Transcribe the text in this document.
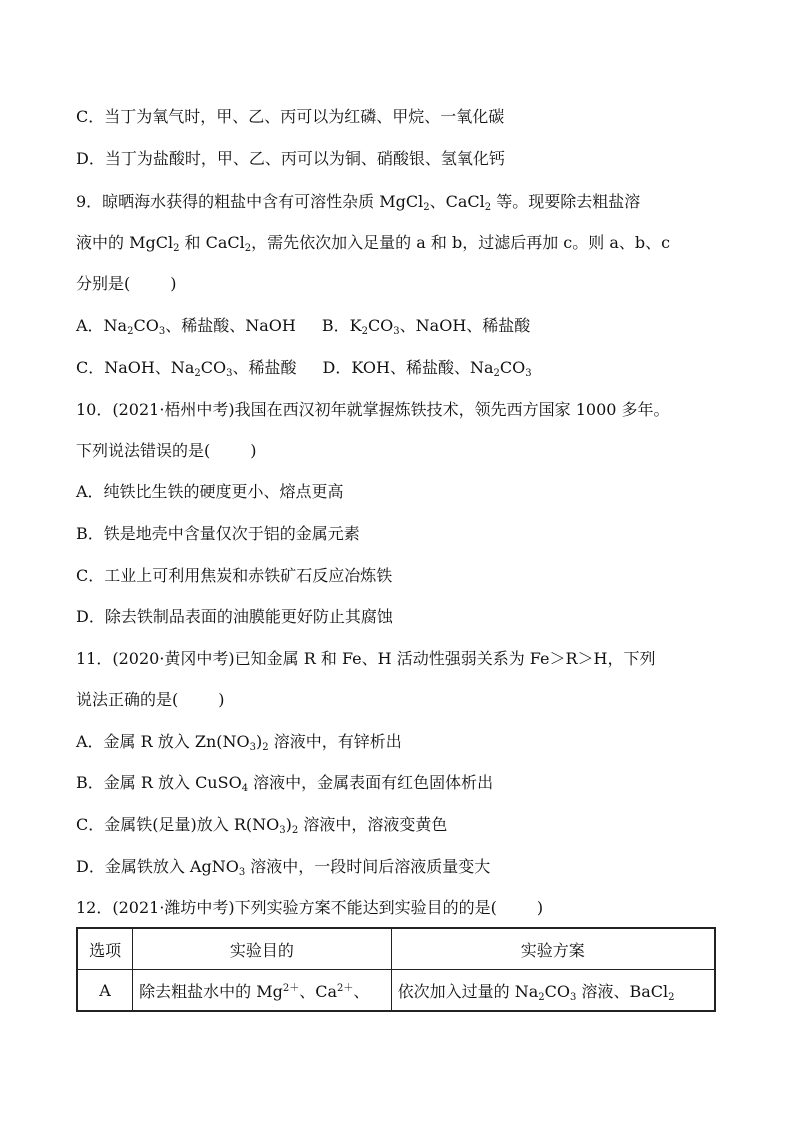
C．当丁为氧气时，甲、乙、丙可以为红磷、甲烷、一氧化碳
D．当丁为盐酸时，甲、乙、丙可以为铜、硝酸银、氢氧化钙
9．晾晒海水获得的粗盐中含有可溶性杂质 MgCl$_2$、CaCl$_2$ 等。现要除去粗盐溶
液中的 MgCl$_2$ 和 CaCl$_2$，需先依次加入足量的 a 和 b，过滤后再加 c。则 a、b、c
分别是(	)
A．$Na_2CO_3$、稀盐酸、NaOH B．$K_2CO_3$、NaOH、稀盐酸
C．NaOH、$Na_2CO_3$、稀盐酸 D．KOH、稀盐酸、$Na_2CO_3$
10．(2021·梧州中考)我国在西汉初年就掌握炼铁技术，领先西方国家 1000 多年。
下列说法错误的是(	)
A．纯铁比生铁的硬度更小、熔点更高
B．铁是地壳中含量仅次于铝的金属元素
C．工业上可利用焦炭和赤铁矿石反应冶炼铁
D．除去铁制品表面的油膜能更好防止其腐蚀
11．(2020·黄冈中考)已知金属 R 和 Fe、H 活动性强弱关系为 Fe＞R＞H，下列
说法正确的是(	)
A．金属 R 放入 $Zn(NO_3)_2$ 溶液中，有锌析出
B．金属 R 放入 CuSO$_4$ 溶液中，金属表面有红色固体析出
C．金属铁(足量)放入 $R(NO_3)_2$ 溶液中，溶液变黄色
D．金属铁放入 AgNO$_3$ 溶液中，一段时间后溶液质量变大
12．(2021·潍坊中考)下列实验方案不能达到实验目的的是(	)
选项	实验目的	实验方案
A	除去粗盐水中的 $Mg^{2+}$、$Ca^{2+}$、	依次加入过量的 $Na_2CO_3$ 溶液、BaCl$_2$
